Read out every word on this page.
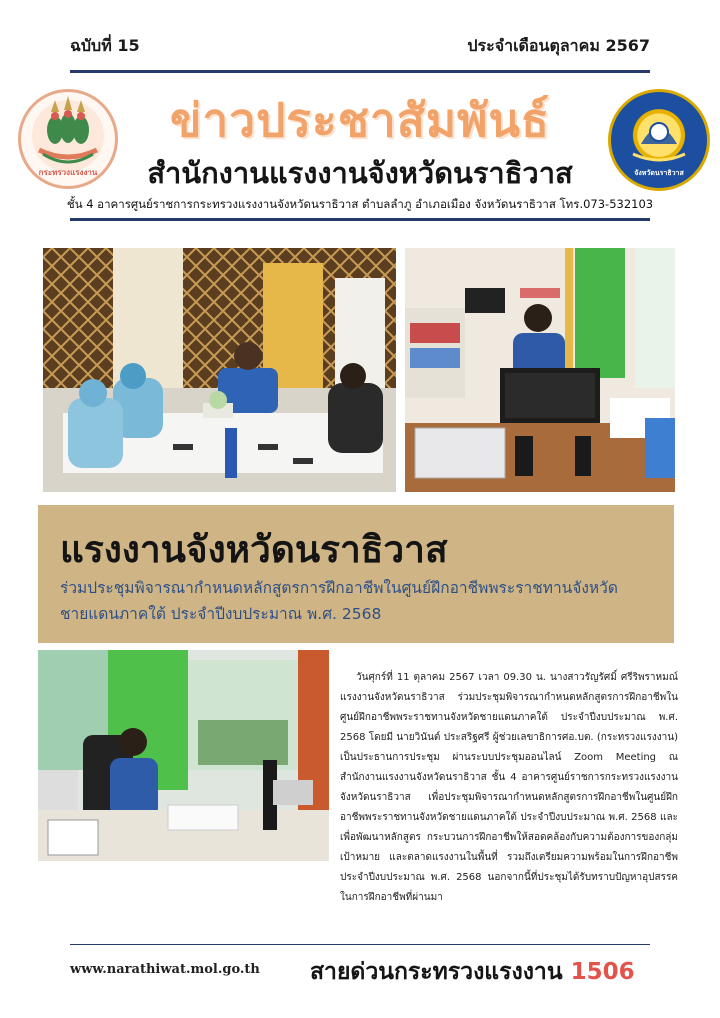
ฉบับที่ 15	ประจำเดือนตุลาคม 2567
กระทรวงแรงงาน
ข่าวประชาสัมพันธ์
สำนักงานแรงงานจังหวัดนราธิวาส	จังหวัดนราธิวาส
ชั้น 4 อาคารศูนย์ราชการกระทรวงแรงงานจังหวัดนราธิวาส ตำบลลำภู อำเภอเมือง จังหวัดนราธิวาส โทร.073-532103
แรงงานจังหวัดนราธิวาส
ร่วมประชุมพิจารณากำหนดหลักสูตรการฝึกอาชีพในศูนย์ฝึกอาชีพพระราชทานจังหวัดชายแดนภาคใต้ ประจำปีงบประมาณ พ.ศ. 2568
วันศุกร์ที่ 11 ตุลาคม 2567 เวลา 09.30 น. นางสาวรัญรัศมิ์ ศรีริพราหมณ์ แรงงานจังหวัดนราธิวาส ร่วมประชุมพิจารณากำหนดหลักสูตรการฝึกอาชีพในศูนย์ฝึกอาชีพพระราชทานจังหวัดชายแดนภาคใต้ ประจำปีงบประมาณ พ.ศ. 2568 โดยมี นายวินันต์ ประสริฐศรี ผู้ช่วยเลขาธิการศอ.บต. (กระทรวงแรงงาน) เป็นประธานการประชุม ผ่านระบบประชุมออนไลน์ Zoom Meeting ณ สำนักงานแรงงานจังหวัดนราธิวาส ชั้น 4 อาคารศูนย์ราชการกระทรวงแรงงานจังหวัดนราธิวาส เพื่อประชุมพิจารณากำหนดหลักสูตรการฝึกอาชีพในศูนย์ฝึกอาชีพพระราชทานจังหวัดชายแดนภาคใต้ ประจำปีงบประมาณ พ.ศ. 2568 และเพื่อพัฒนาหลักสูตร กระบวนการฝึกอาชีพให้สอดคล้องกับความต้องการของกลุ่มเป้าหมาย และตลาดแรงงานในพื้นที่ รวมถึงเตรียมความพร้อมในการฝึกอาชีพประจำปีงบประมาณ พ.ศ. 2568 นอกจากนี้ที่ประชุมได้รับทราบปัญหาอุปสรรคในการฝึกอาชีพที่ผ่านมา
www.narathiwat.mol.go.th สายด่วนกระทรวงแรงงาน 1506
